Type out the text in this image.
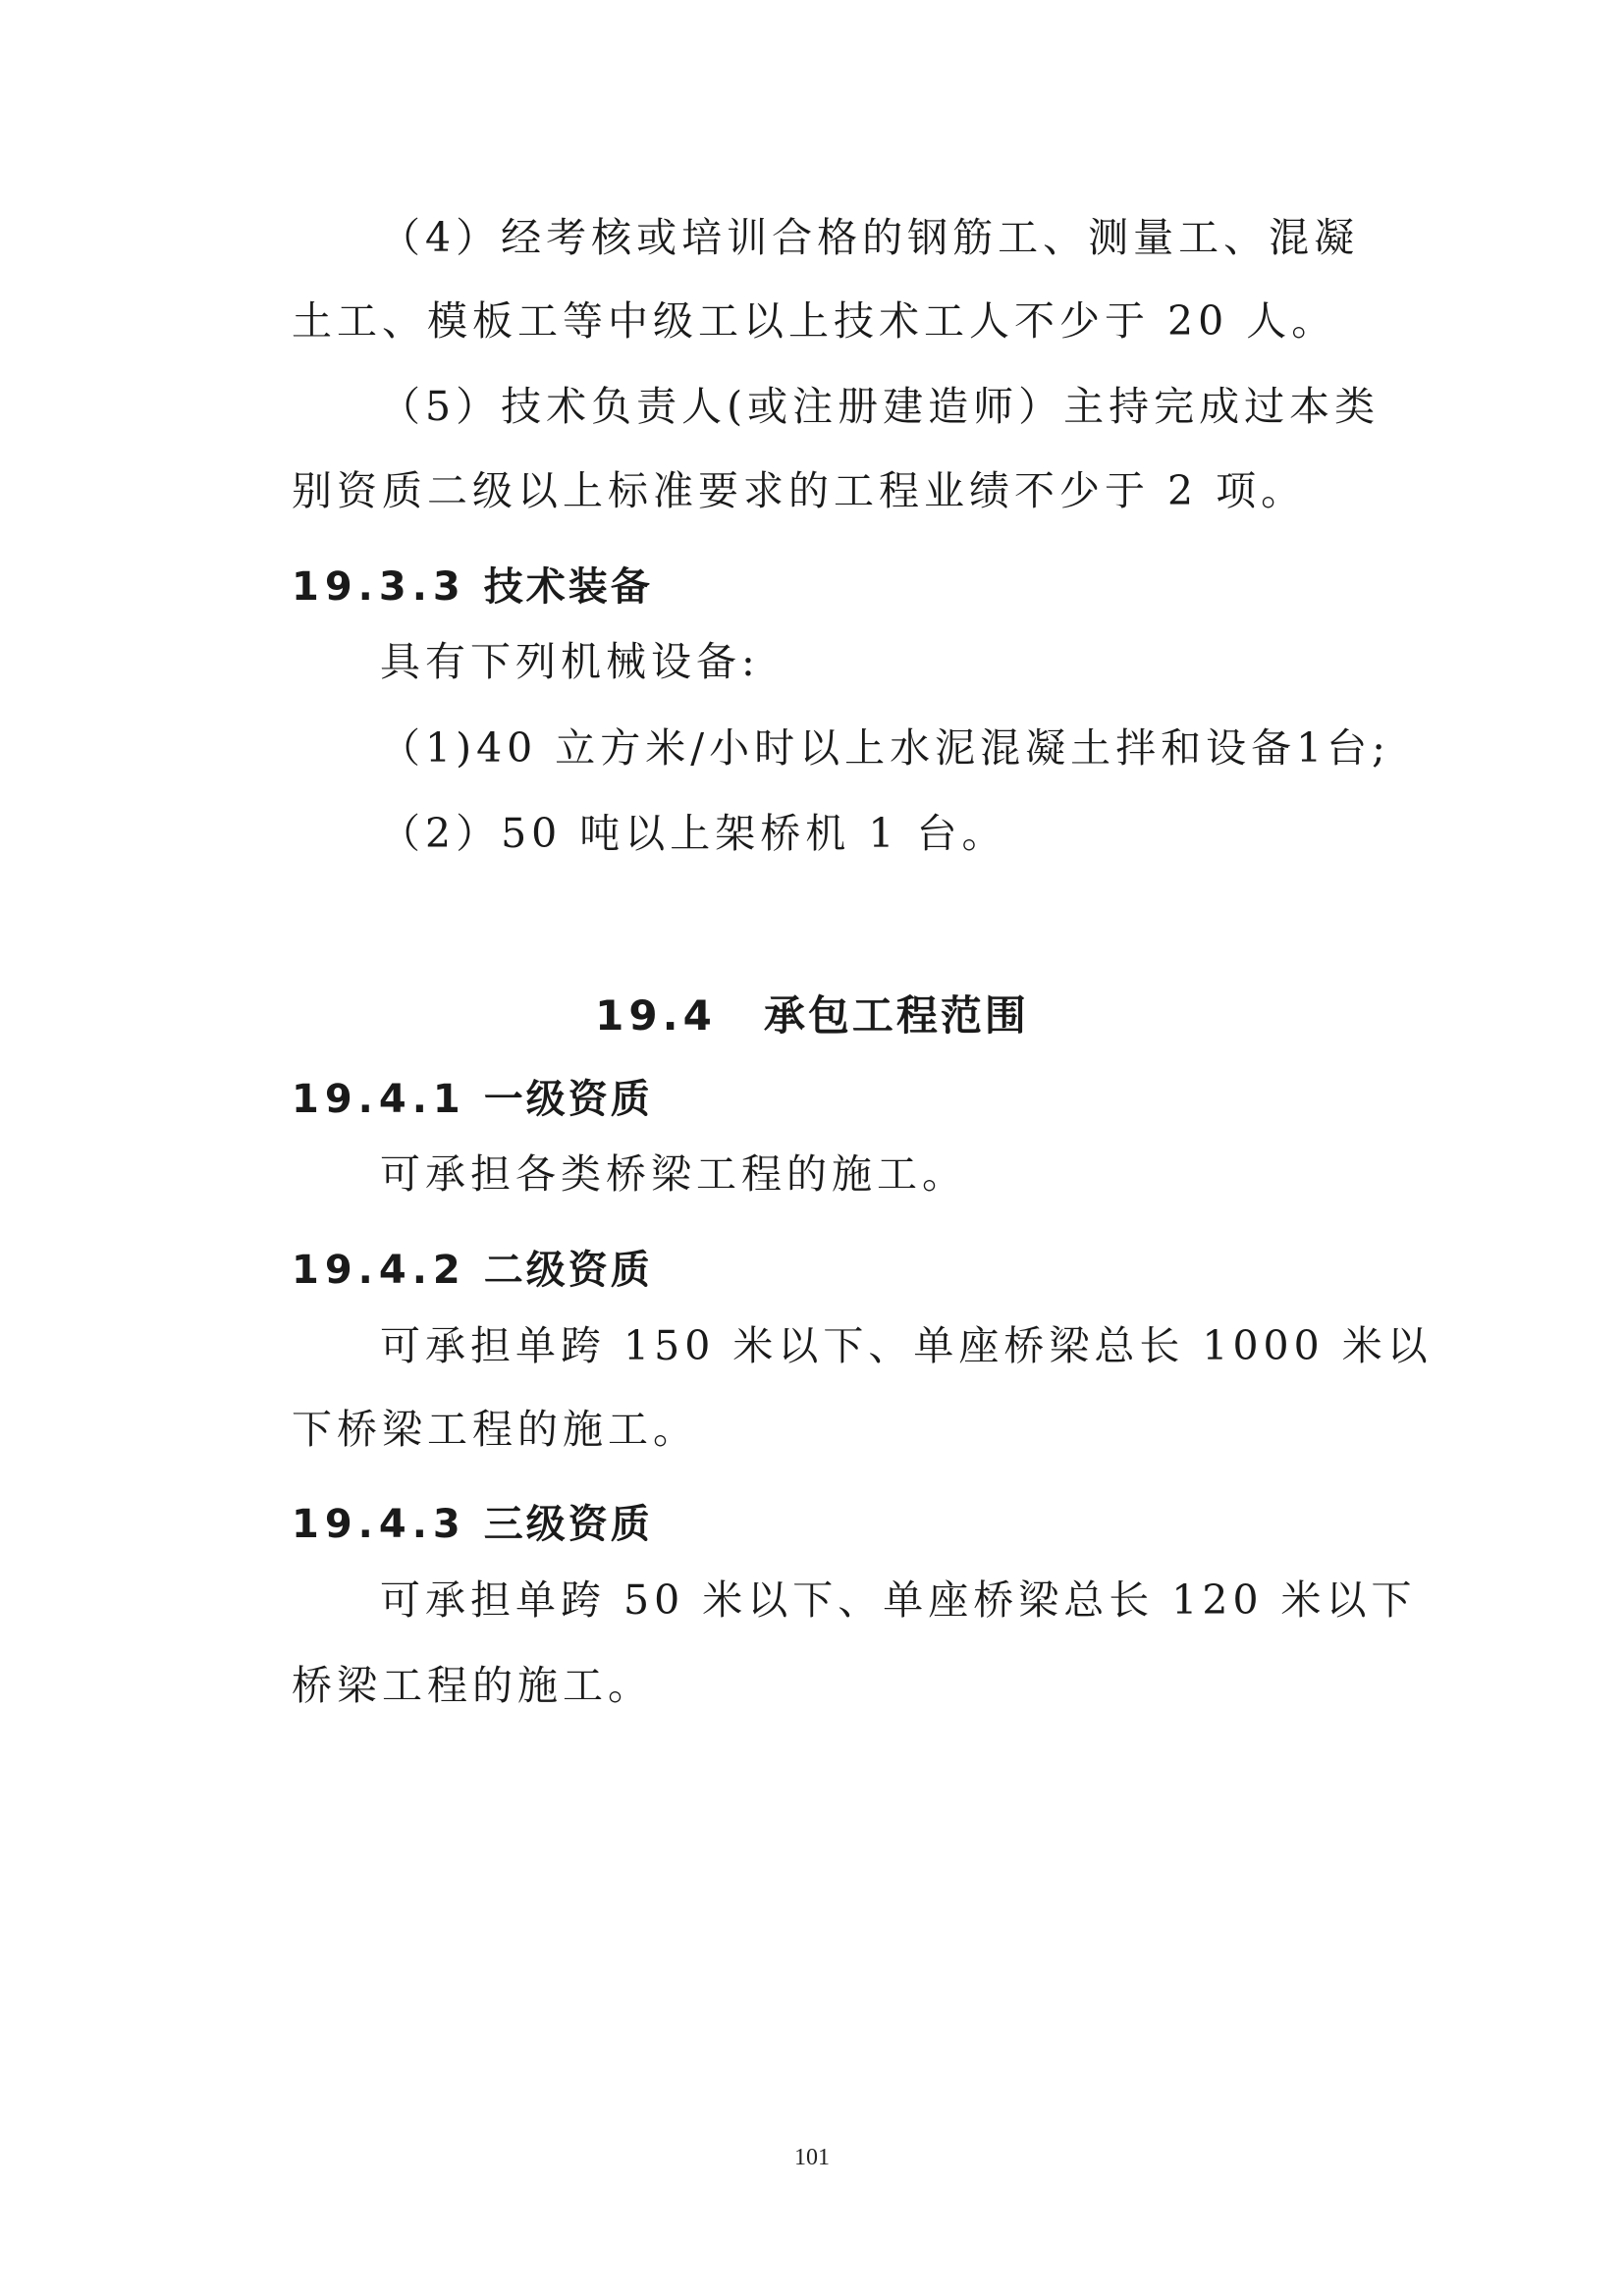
（4）经考核或培训合格的钢筋工、测量工、混凝
土工、模板工等中级工以上技术工人不少于 20 人。
（5）技术负责人(或注册建造师）主持完成过本类
别资质二级以上标准要求的工程业绩不少于 2 项。
19.3.3 技术装备
具有下列机械设备:
（1)40 立方米/小时以上水泥混凝土拌和设备1台;
（2）50 吨以上架桥机 1 台。
19.4 承包工程范围
19.4.1 一级资质
可承担各类桥梁工程的施工。
19.4.2 二级资质
可承担单跨 150 米以下、单座桥梁总长 1000 米以
下桥梁工程的施工。
19.4.3 三级资质
可承担单跨 50 米以下、单座桥梁总长 120 米以下
桥梁工程的施工。
101
